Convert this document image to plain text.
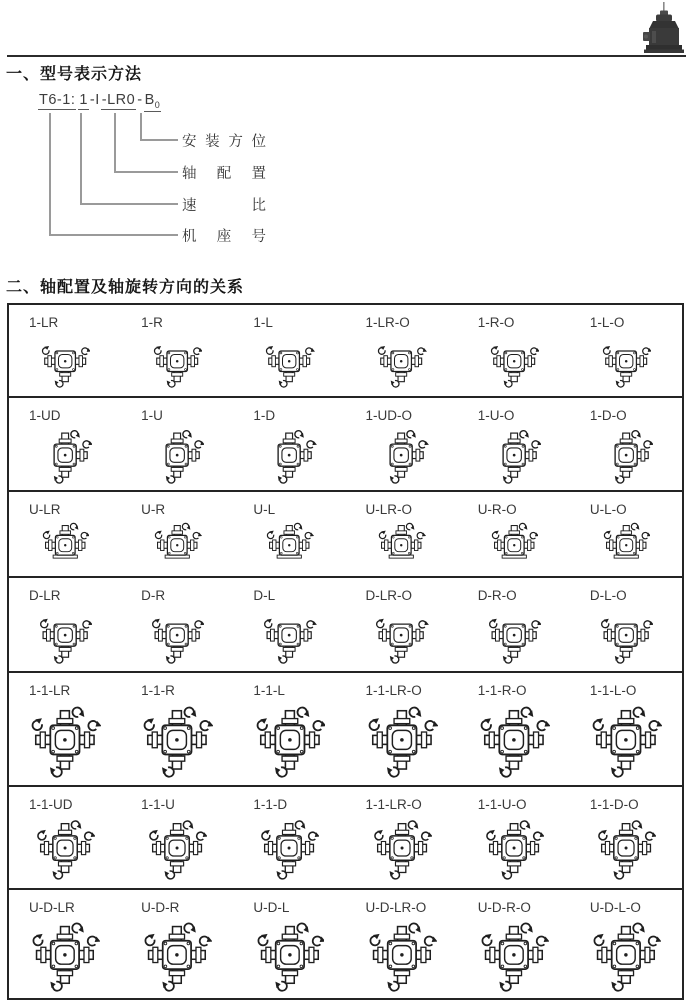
一、型号表示方法
T6-1: 1 -I $-LR0 - B_0$
安 装 方 位
轴 配 置
速	比
机 座 号
二、轴配置及轴旋转方向的关系
1-LR	1-R	1-L	1-LR-O	1-R-O	1-L-O
1-UD	1-U	1-D	1-UD-O	1-U-O	1-D-O
U-LR	U-R	U-L	U-LR-O	U-R-O	U-L-O
D-LR	D-R	D-L	D-LR-O	D-R-O	D-L-O
1-1-LR	1-1-R	1-1-L	1-1-LR-O	1-1-R-O	1-1-L-O
1-1-UD	1-1-U	1-1-D	1-1-LR-O	1-1-U-O	1-1-D-O
U-D-LR	U-D-R	U-D-L	U-D-LR-O	U-D-R-O	U-D-L-O
